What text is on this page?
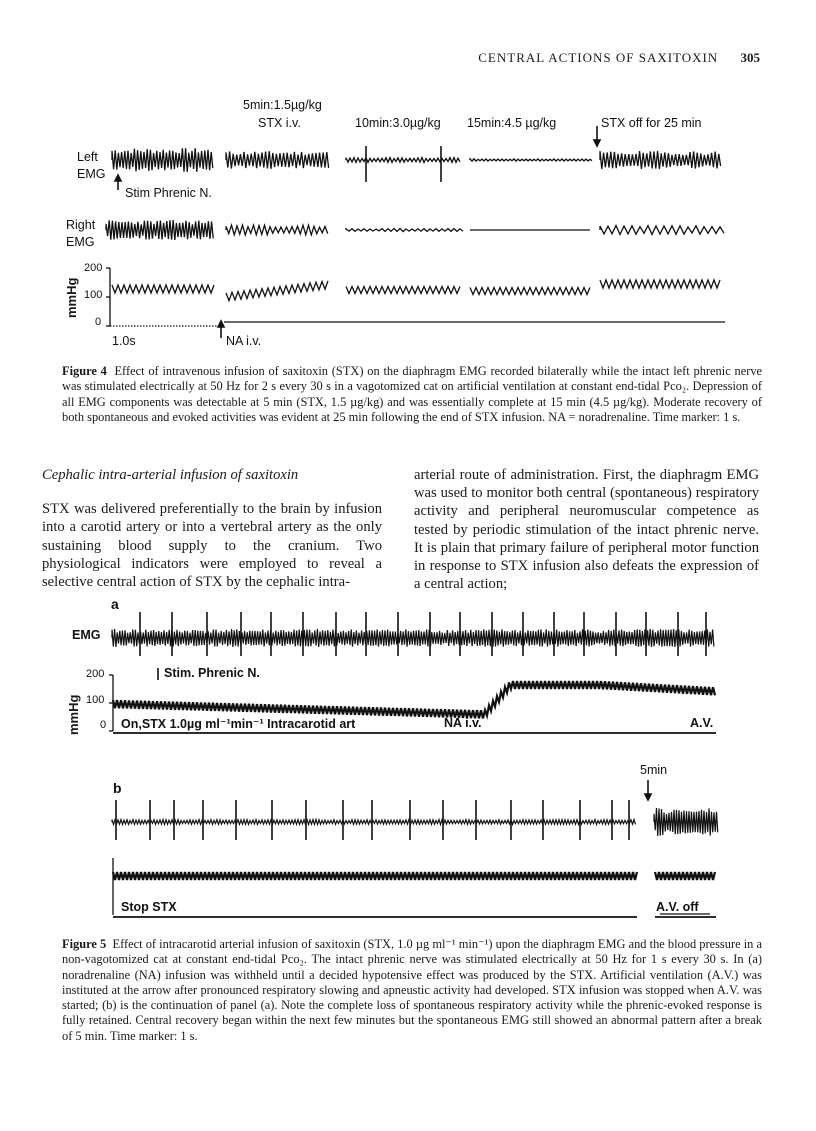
CENTRAL ACTIONS OF SAXITOXIN 305
5min:1.5µg/kg
STX i.v.	10min:3.0µg/kg 15min:4.5 µg/kg	STX off for 25 min
Left
EMG
Stim Phrenic N.
Right
EMG
mmHg
200
100
0
1.0s	NA i.v.
Figure 4 Effect of intravenous infusion of saxitoxin (STX) on the diaphragm EMG recorded bilaterally while the intact left phrenic nerve was stimulated electrically at 50 Hz for 2 s every 30 s in a vagotomized cat on artificial ventilation at constant end-tidal Pco₂. Depression of all EMG components was detectable at 5 min (STX, 1.5 µg/kg) and was essentially complete at 15 min (4.5 µg/kg). Moderate recovery of both spontaneous and evoked activities was evident at 25 min following the end of STX infusion. NA = noradrenaline. Time marker: 1 s.
Cephalic intra-arterial infusion of saxitoxin
STX was delivered preferentially to the brain by infusion into a carotid artery or into a vertebral artery as the only sustaining blood supply to the cranium. Two physiological indicators were employed to reveal a selective central action of STX by the cephalic intra-
arterial route of administration. First, the diaphragm EMG was used to monitor both central (spontaneous) respiratory activity and peripheral neuromuscular competence as tested by periodic stimulation of the intact phrenic nerve. It is plain that primary failure of peripheral motor function in response to STX infusion also defeats the expression of a central action;
a
EMG
Stim. Phrenic N.
mmHg
200
100
0 On,STX 1.0µg ml⁻¹min⁻¹ Intracarotid art	NA i.v.	A.V.
b
5min
Stop STX	A.V. off
Figure 5 Effect of intracarotid arterial infusion of saxitoxin (STX, 1.0 µg ml⁻¹ min⁻¹) upon the diaphragm EMG and the blood pressure in a non-vagotomized cat at constant end-tidal Pco₂. The intact phrenic nerve was stimulated electrically at 50 Hz for 1 s every 30 s. In (a) noradrenaline (NA) infusion was withheld until a decided hypotensive effect was produced by the STX. Artificial ventilation (A.V.) was instituted at the arrow after pronounced respiratory slowing and apneustic activity had developed. STX infusion was stopped when A.V. was started; (b) is the continuation of panel (a). Note the complete loss of spontaneous respiratory activity while the phrenic-evoked response is fully retained. Central recovery began within the next few minutes but the spontaneous EMG still showed an abnormal pattern after a break of 5 min. Time marker: 1 s.
